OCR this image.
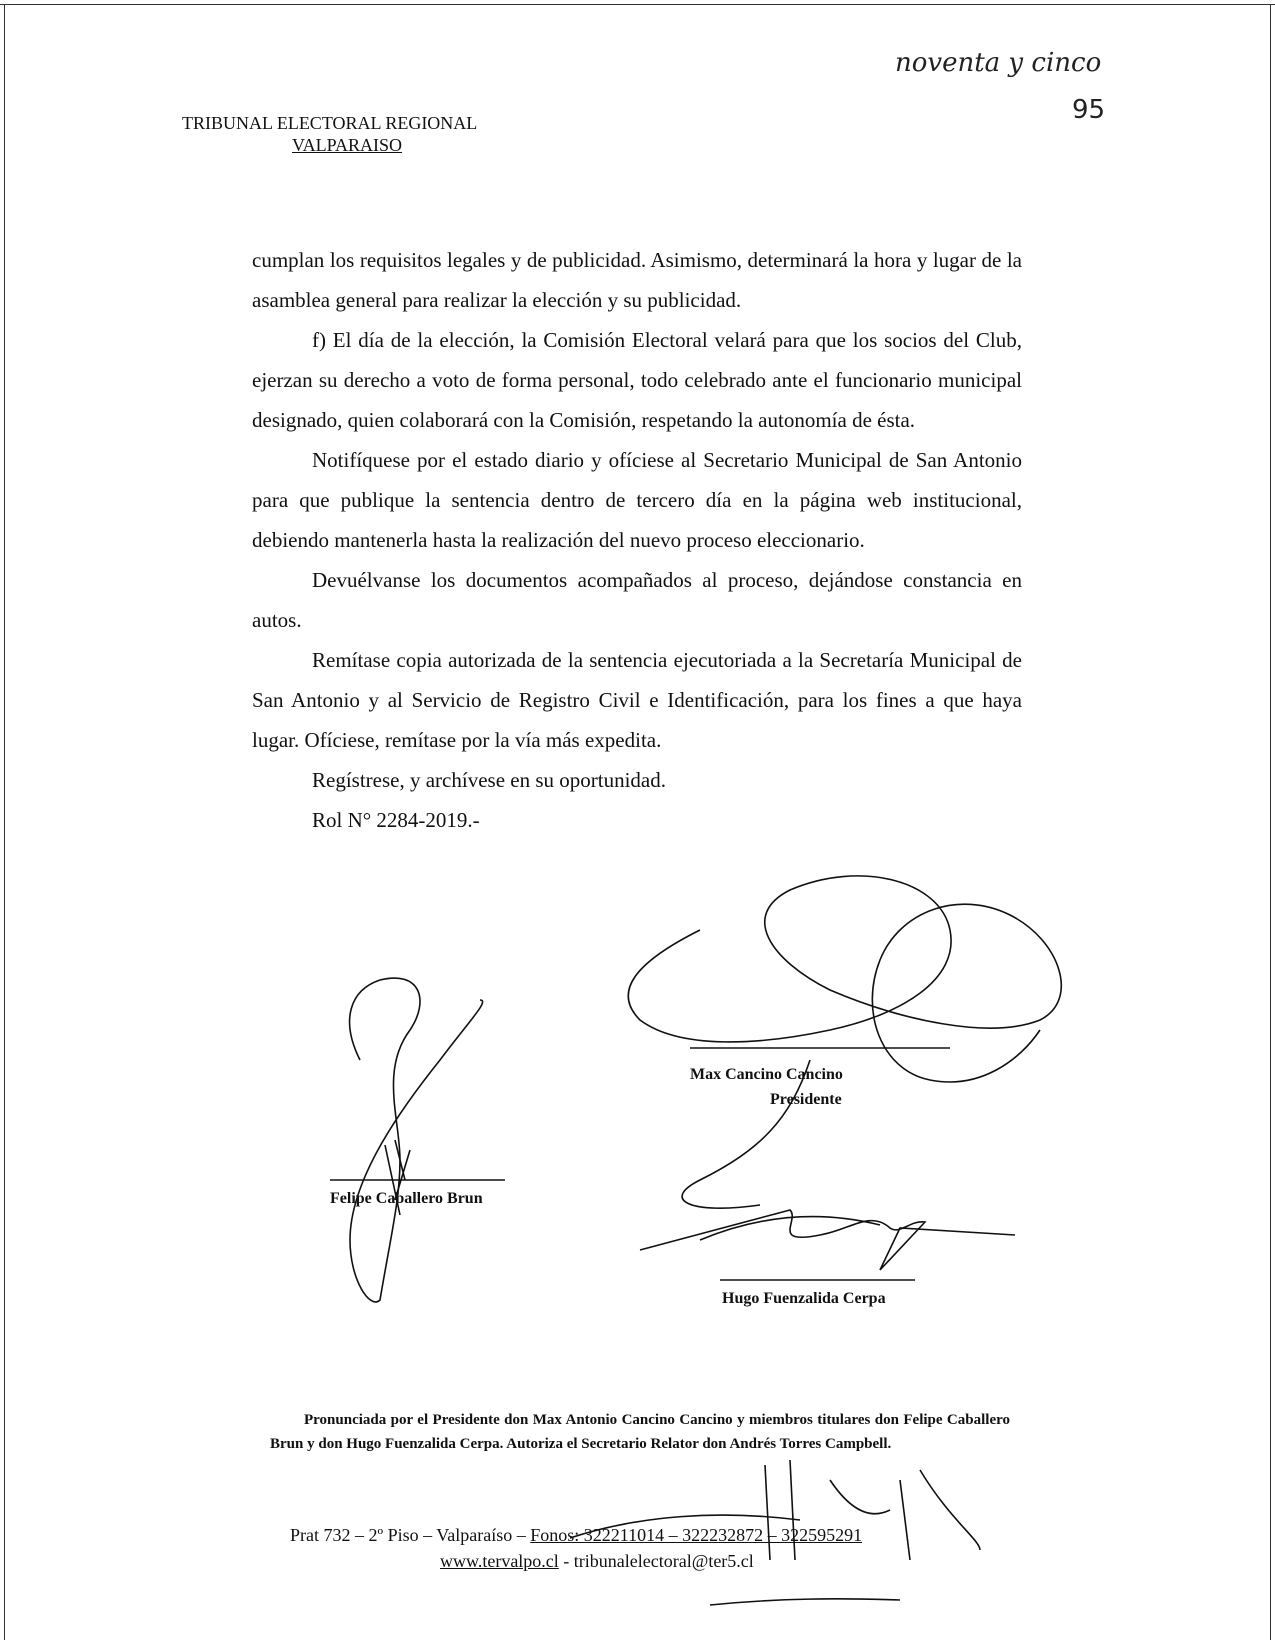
TRIBUNAL ELECTORAL REGIONAL
VALPARAISO
noventa y cinco
95

cumplan los requisitos legales y de publicidad. Asimismo, determinará la hora y lugar de la asamblea general para realizar la elección y su publicidad.

f) El día de la elección, la Comisión Electoral velará para que los socios del Club, ejerzan su derecho a voto de forma personal, todo celebrado ante el funcionario municipal designado, quien colaborará con la Comisión, respetando la autonomía de ésta.

Notifíquese por el estado diario y ofíciese al Secretario Municipal de San Antonio para que publique la sentencia dentro de tercero día en la página web institucional, debiendo mantenerla hasta la realización del nuevo proceso eleccionario.

Devuélvanse los documentos acompañados al proceso, dejándose constancia en autos.

Remítase copia autorizada de la sentencia ejecutoriada a la Secretaría Municipal de San Antonio y al Servicio de Registro Civil e Identificación, para los fines a que haya lugar. Ofíciese, remítase por la vía más expedita.

Regístrese, y archívese en su oportunidad.

Rol N° 2284-2019.-

Max Cancino Cancino
Presidente
Felipe Caballero Brun
Hugo Fuenzalida Cerpa
Pronunciada por el Presidente don Max Antonio Cancino Cancino y miembros titulares don Felipe Caballero Brun y don Hugo Fuenzalida Cerpa. Autoriza el Secretario Relator don Andrés Torres Campbell.
Prat 732 – 2º Piso – Valparaíso – Fonos: 322211014 – 322232872 – 322595291
www.tervalpo.cl - tribunalelectoral@ter5.cl
